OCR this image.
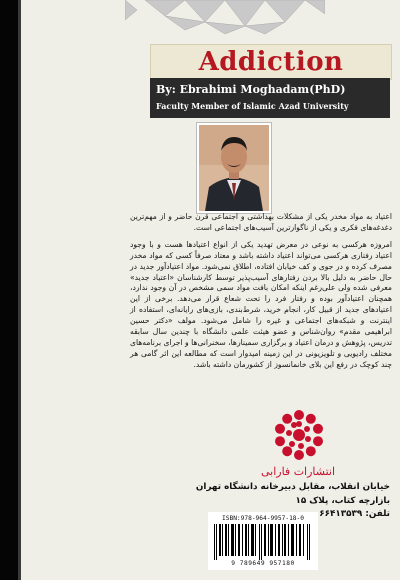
Addiction
By: Ebrahimi Moghadam(PhD)
Faculty Member of Islamic Azad University

اعتیاد به مواد مخدر یکی از مشکلات بهداشتی و اجتماعی قرن حاضر و از مهم‌ترین دغدغه‌های فکری و یکی از ناگوارترین آسیب‌های اجتماعی است.

امروزه هرکسی به نوعی در معرض تهدید یکی از انواع اعتیادها هست و با وجود اعتیاد رفتاری هرکسی می‌تواند اعتیاد داشته باشد و معتاد صرفاً کسی که مواد مخدر مصرف کرده و در جوی و کف خیابان افتاده، اطلاق نمی‌شود. مواد اعتیادآور جدید در حال حاضر به دلیل بالا بردن رفتارهای آسیب‌پذیر توسط کارشناسان «اعتیاد جدید» معرفی شده ولی علی‌رغم اینکه امکان بافت مواد سمی مشخص در آن وجود ندارد، همچنان اعتیادآور بوده و رفتار فرد را تحت شعاع قرار می‌دهد. برخی از این اعتیادهای جدید از قبیل کار، انجام خرید، شرط‌بندی، بازی‌های رایانه‌ای، استفاده از اینترنت و شبکه‌های اجتماعی و غیره را شامل می‌شود. مولف «دکتر حسین ابراهیمی مقدم» روان‌شناس و عضو هیئت علمی دانشگاه با چندین سال سابقه تدریس، پژوهش و درمان اعتیاد و برگزاری سمینارها، سخنرانی‌ها و اجرای برنامه‌های مختلف رادیویی و تلویزیونی در این زمینه امیدوار است که مطالعه این اثر گامی هر چند کوچک در رفع این بلای خانمانسوز از کشورمان داشته باشد.

انتشارات فارابی
خیابان انقلاب، مقابل دبیرخانه دانشگاه تهران
بازارچه کتاب، پلاک ۱۵
تلفن: ۶۶۴۱۳۵۳۹
ISBN:978-964-9957-18-0
9 789649 957180
